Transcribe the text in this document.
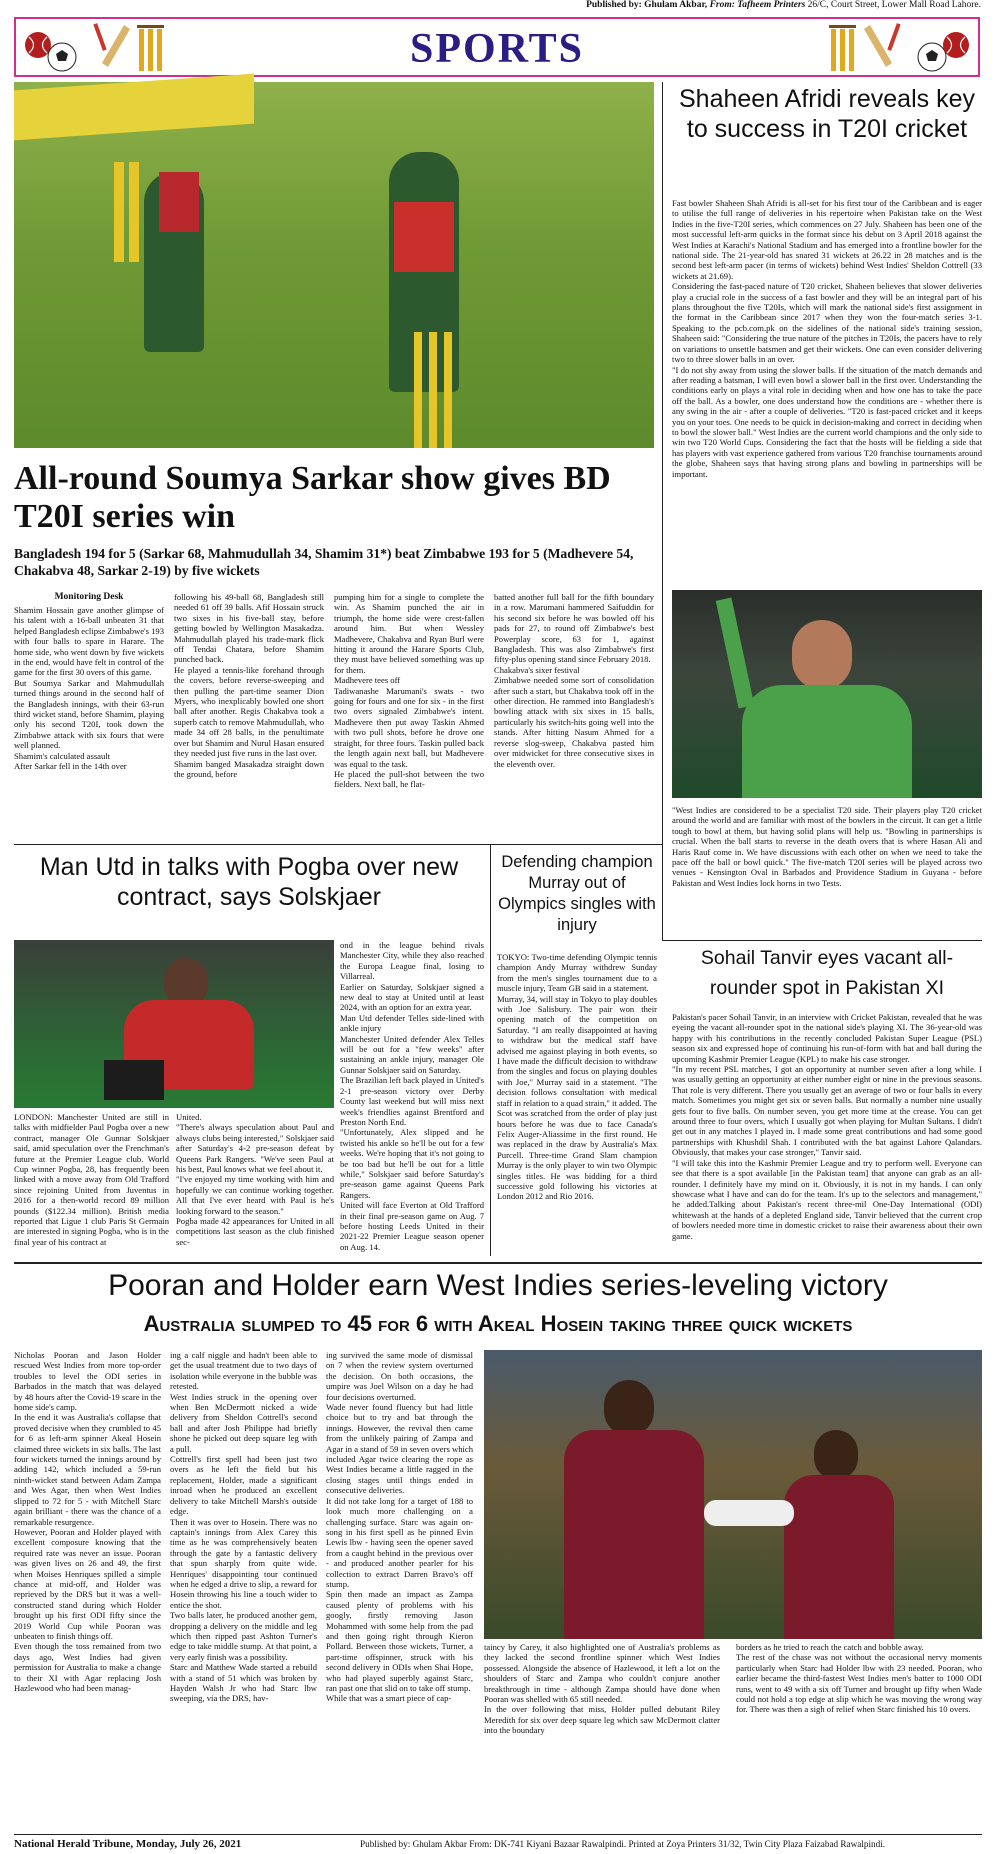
Published by: Ghulam Akbar, From: Tafheem Printers 26/C, Court Street, Lower Mall Road Lahore.
SPORTS
All-round Soumya Sarkar show gives BD T20I series win
Bangladesh 194 for 5 (Sarkar 68, Mahmudullah 34, Shamim 31*) beat Zimbabwe 193 for 5 (Madhevere 54, Chakabva 48, Sarkar 2-19) by five wickets
Monitoring Desk
Shamim Hossain gave another glimpse of his talent with a 16-ball unbeaten 31 that helped Bangladesh eclipse Zimbabwe's 193 with four balls to spare in Harare. The home side, who went down by five wickets in the end, would have felt in control of the game for the first 30 overs of this game.
But Soumya Sarkar and Mahmudullah turned things around in the second half of the Bangladesh innings, with their 63-run third wicket stand, before Shamim, playing only his second T20I, took down the Zimbabwe attack with six fours that were well planned.
Shamim's calculated assault
After Sarkar fell in the 14th over
following his 49-ball 68, Bangladesh still needed 61 off 39 balls. Afif Hossain struck two sixes in his five-ball stay, before getting bowled by Wellington Masakadza. Mahmudullah played his trade-mark flick off Tendai Chatara, before Shamim punched back.
He played a tennis-like forehand through the covers, before reverse-sweeping and then pulling the part-time seamer Dion Myers, who inexplicably bowled one short ball after another. Regis Chakabva took a superb catch to remove Mahmudullah, who made 34 off 28 balls, in the penultimate over but Shamim and Nurul Hasan ensured they needed just five runs in the last over.
Shamim banged Masakadza straight down the ground, before
pumping him for a single to complete the win. As Shamim punched the air in triumph, the home side were crest-fallen around him. But when Wessley Madhevere, Chakabva and Ryan Burl were hitting it around the Harare Sports Club, they must have believed something was up for them.
Madhevere tees off
Tadiwanashe Marumani's swats - two going for fours and one for six - in the first two overs signaled Zimbabwe's intent. Madhevere then put away Taskin Ahmed with two pull shots, before he drove one straight, for three fours. Taskin pulled back the length again next ball, but Madhevere was equal to the task.
He placed the pull-shot between the two fielders. Next ball, he flat-
batted another full ball for the fifth boundary in a row. Marumani hammered Saifuddin for his second six before he was bowled off his pads for 27, to round off Zimbabwe's best Powerplay score, 63 for 1, against Bangladesh. This was also Zimbabwe's first fifty-plus opening stand since February 2018.
Chakabva's sixer festival
Zimbabwe needed some sort of consolidation after such a start, but Chakabva took off in the other direction. He rammed into Bangladesh's bowling attack with six sixes in 15 balls, particularly his switch-hits going well into the stands. After hitting Nasum Ahmed for a reverse slog-sweep, Chakabva pasted him over midwicket for three consecutive sixes in the eleventh over.
Shaheen Afridi reveals key to success in T20I cricket
Fast bowler Shaheen Shah Afridi is all-set for his first tour of the Caribbean and is eager to utilise the full range of deliveries in his repertoire when Pakistan take on the West Indies in the five-T20I series, which commences on 27 July. Shaheen has been one of the most successful left-arm quicks in the format since his debut on 3 April 2018 against the West Indies at Karachi's National Stadium and has emerged into a frontline bowler for the national side. The 21-year-old has snared 31 wickets at 26.22 in 28 matches and is the second best left-arm pacer (in terms of wickets) behind West Indies' Sheldon Cottrell (33 wickets at 21.69).
Considering the fast-paced nature of T20 cricket, Shaheen believes that slower deliveries play a crucial role in the success of a fast bowler and they will be an integral part of his plans throughout the five T20Is, which will mark the national side's first assignment in the format in the Caribbean since 2017 when they won the four-match series 3-1. Speaking to the pcb.com.pk on the sidelines of the national side's training session, Shaheen said: "Considering the true nature of the pitches in T20Is, the pacers have to rely on variations to unsettle batsmen and get their wickets. One can even consider delivering two to three slower balls in an over.
"I do not shy away from using the slower balls. If the situation of the match demands and after reading a batsman, I will even bowl a slower ball in the first over. Understanding the conditions early on plays a vital role in deciding when and how one has to take the pace off the ball. As a bowler, one does understand how the conditions are - whether there is any swing in the air - after a couple of deliveries. "T20 is fast-paced cricket and it keeps you on your toes. One needs to be quick in decision-making and correct in deciding when to bowl the slower ball." West Indies are the current world champions and the only side to win two T20 World Cups. Considering the fact that the hosts will be fielding a side that has players with vast experience gathered from various T20 franchise tournaments around the globe, Shaheen says that having strong plans and bowling in partnerships will be important.
"West Indies are considered to be a specialist T20 side. Their players play T20 cricket around the world and are familiar with most of the bowlers in the circuit. It can get a little tough to bowl at them, but having solid plans will help us. "Bowling in partnerships is crucial. When the ball starts to reverse in the death overs that is where Hasan Ali and Haris Rauf come in. We have discussions with each other on when we need to take the pace off the ball or bowl quick." The five-match T20I series will be played across two venues - Kensington Oval in Barbados and Providence Stadium in Guyana - before Pakistan and West Indies lock horns in two Tests.
Man Utd in talks with Pogba over new contract, says Solskjaer
ond in the league behind rivals Manchester City, while they also reached the Europa League final, losing to Villarreal.
Earlier on Saturday, Solskjaer signed a new deal to stay at United until at least 2024, with an option for an extra year.
Man Utd defender Telles side-lined with ankle injury
Manchester United defender Alex Telles will be out for a "few weeks" after sustaining an ankle injury, manager Ole Gunnar Solskjaer said on Saturday.
The Brazilian left back played in United's 2-1 pre-season victory over Derby County last weekend but will miss next week's friendlies against Brentford and Preston North End.
"Unfortunately, Alex slipped and he twisted his ankle so he'll be out for a few weeks. We're hoping that it's not going to be too bad but he'll be out for a little while," Solskjaer said before Saturday's pre-season game against Queens Park Rangers.
United will face Everton at Old Trafford in their final pre-season game on Aug. 7 before hosting Leeds United in their 2021-22 Premier League season opener on Aug. 14.
LONDON: Manchester United are still in talks with midfielder Paul Pogba over a new contract, manager Ole Gunnar Solskjaer said, amid speculation over the Frenchman's future at the Premier League club. World Cup winner Pogba, 28, has frequently been linked with a move away from Old Trafford since rejoining United from Juventus in 2016 for a then-world record 89 million pounds ($122.34 million). British media reported that Ligue 1 club Paris St Germain are interested in signing Pogba, who is in the final year of his contract at
United.
"There's always speculation about Paul and always clubs being interested," Solskjaer said after Saturday's 4-2 pre-season defeat by Queens Park Rangers. "We've seen Paul at his best, Paul knows what we feel about it.
"I've enjoyed my time working with him and hopefully we can continue working together. All that I've ever heard with Paul is he's looking forward to the season."
Pogba made 42 appearances for United in all competitions last season as the club finished sec-
Defending champion Murray out of Olympics singles with injury
TOKYO: Two-time defending Olympic tennis champion Andy Murray withdrew Sunday from the men's singles tournament due to a muscle injury, Team GB said in a statement.
Murray, 34, will stay in Tokyo to play doubles with Joe Salisbury. The pair won their opening match of the competition on Saturday. "I am really disappointed at having to withdraw but the medical staff have advised me against playing in both events, so I have made the difficult decision to withdraw from the singles and focus on playing doubles with Joe," Murray said in a statement. "The decision follows consultation with medical staff in relation to a quad strain," it added. The Scot was scratched from the order of play just hours before he was due to face Canada's Felix Auger-Aliassime in the first round. He was replaced in the draw by Australia's Max Purcell. Three-time Grand Slam champion Murray is the only player to win two Olympic singles titles. He was bidding for a third successive gold following his victories at London 2012 and Rio 2016.
Sohail Tanvir eyes vacant all-rounder spot in Pakistan XI
Pakistan's pacer Sohail Tanvir, in an interview with Cricket Pakistan, revealed that he was eyeing the vacant all-rounder spot in the national side's playing XI. The 36-year-old was happy with his contributions in the recently concluded Pakistan Super League (PSL) season six and expressed hope of continuing his run-of-form with bat and ball during the upcoming Kashmir Premier League (KPL) to make his case stronger.
"In my recent PSL matches, I got an opportunity at number seven after a long while. I was usually getting an opportunity at either number eight or nine in the previous seasons. That role is very different. There you usually get an average of two or four balls in every match. Sometimes you might get six or seven balls. But normally a number nine usually gets four to five balls. On number seven, you get more time at the crease. You can get around three to four overs, which I usually got when playing for Multan Sultans. I didn't get out in any matches I played in. I made some great contributions and had some good partnerships with Khushdil Shah. I contributed with the bat against Lahore Qalandars. Obviously, that makes your case stronger," Tanvir said.
"I will take this into the Kashmir Premier League and try to perform well. Everyone can see that there is a spot available [in the Pakistan team] that anyone can grab as an all-rounder. I definitely have my mind on it. Obviously, it is not in my hands. I can only showcase what I have and can do for the team. It's up to the selectors and management," he added.Talking about Pakistan's recent three-mil One-Day International (ODI) whitewash at the hands of a depleted England side, Tanvir believed that the current crop of bowlers needed more time in domestic cricket to raise their awareness about their own game.
Pooran and Holder earn West Indies series-leveling victory
Australia slumped to 45 for 6 with Akeal Hosein taking three quick wickets
Nicholas Pooran and Jason Holder rescued West Indies from more top-order troubles to level the ODI series in Barbados in the match that was delayed by 48 hours after the Covid-19 scare in the home side's camp.
In the end it was Australia's collapse that proved decisive when they crumbled to 45 for 6 as left-arm spinner Akeal Hosein claimed three wickets in six balls. The last four wickets turned the innings around by adding 142, which included a 59-run ninth-wicket stand between Adam Zampa and Wes Agar, then when West Indies slipped to 72 for 5 - with Mitchell Starc again brilliant - there was the chance of a remarkable resurgence.
However, Pooran and Holder played with excellent composure knowing that the required rate was never an issue. Pooran was given lives on 26 and 49, the first when Moises Henriques spilled a simple chance at mid-off, and Holder was reprieved by the DRS but it was a well-constructed stand during which Holder brought up his first ODI fifty since the 2019 World Cup while Pooran was unbeaten to finish things off.
Even though the toss remained from two days ago, West Indies had given permission for Australia to make a change to their XI with Agar replacing Josh Hazlewood who had been manag-
ing a calf niggle and hadn't been able to get the usual treatment due to two days of isolation while everyone in the bubble was retested.
West Indies struck in the opening over when Ben McDermott nicked a wide delivery from Sheldon Cottrell's second ball and after Josh Philippe had briefly shone he picked out deep square leg with a pull.
Cottrell's first spell had been just two overs as he left the field but his replacement, Holder, made a significant inroad when he produced an excellent delivery to take Mitchell Marsh's outside edge.
Then it was over to Hosein. There was no captain's innings from Alex Carey this time as he was comprehensively beaten through the gate by a fantastic delivery that spun sharply from quite wide. Henriques' disappointing tour continued when he edged a drive to slip, a reward for Hosein throwing his line a touch wider to entice the shot.
Two balls later, he produced another gem, dropping a delivery on the middle and leg which then ripped past Ashton Turner's edge to take middle stump. At that point, a very early finish was a possibility.
Starc and Matthew Wade started a rebuild with a stand of 51 which was broken by Hayden Walsh Jr who had Starc lbw sweeping, via the DRS, hav-
ing survived the same mode of dismissal on 7 when the review system overturned the decision. On both occasions, the umpire was Joel Wilson on a day he had four decisions overturned.
Wade never found fluency but had little choice but to try and bat through the innings. However, the revival then came from the unlikely pairing of Zampa and Agar in a stand of 59 in seven overs which included Agar twice clearing the rope as West Indies became a little ragged in the closing stages until things ended in consecutive deliveries.
It did not take long for a target of 188 to look much more challenging on a challenging surface. Starc was again on-song in his first spell as he pinned Evin Lewis lbw - having seen the opener saved from a caught behind in the previous over - and produced another pearler for his collection to extract Darren Bravo's off stump.
Spin then made an impact as Zampa caused plenty of problems with his googly, firstly removing Jason Mohammed with some help from the pad and then going right through Kieron Pollard. Between those wickets, Turner, a part-time offspinner, struck with his second delivery in ODIs when Shai Hope, who had played superbly against Starc, ran past one that slid on to take off stump.
While that was a smart piece of cap-
taincy by Carey, it also highlighted one of Australia's problems as they lacked the second frontline spinner which West Indies possessed. Alongside the absence of Hazlewood, it left a lot on the shoulders of Starc and Zampa who couldn't conjure another breakthrough in time - although Zampa should have done when Pooran was shelled with 65 still needed.
In the over following that miss, Holder pulled debutant Riley Meredith for six over deep square leg which saw McDermott clatter into the boundary
borders as he tried to reach the catch and bobble away.
The rest of the chase was not without the occasional nervy moments particularly when Starc had Holder lbw with 23 needed. Pooran, who earlier became the third-fastest West Indies men's batter to 1000 ODI runs, went to 49 with a six off Turner and brought up fifty when Wade could not hold a top edge at slip which he was moving the wrong way for. There was then a sigh of relief when Starc finished his 10 overs.
National Herald Tribune, Monday, July 26, 2021	Published by: Ghulam Akbar From: DK-741 Kiyani Bazaar Rawalpindi. Printed at Zoya Printers 31/32, Twin City Plaza Faizabad Rawalpindi.
